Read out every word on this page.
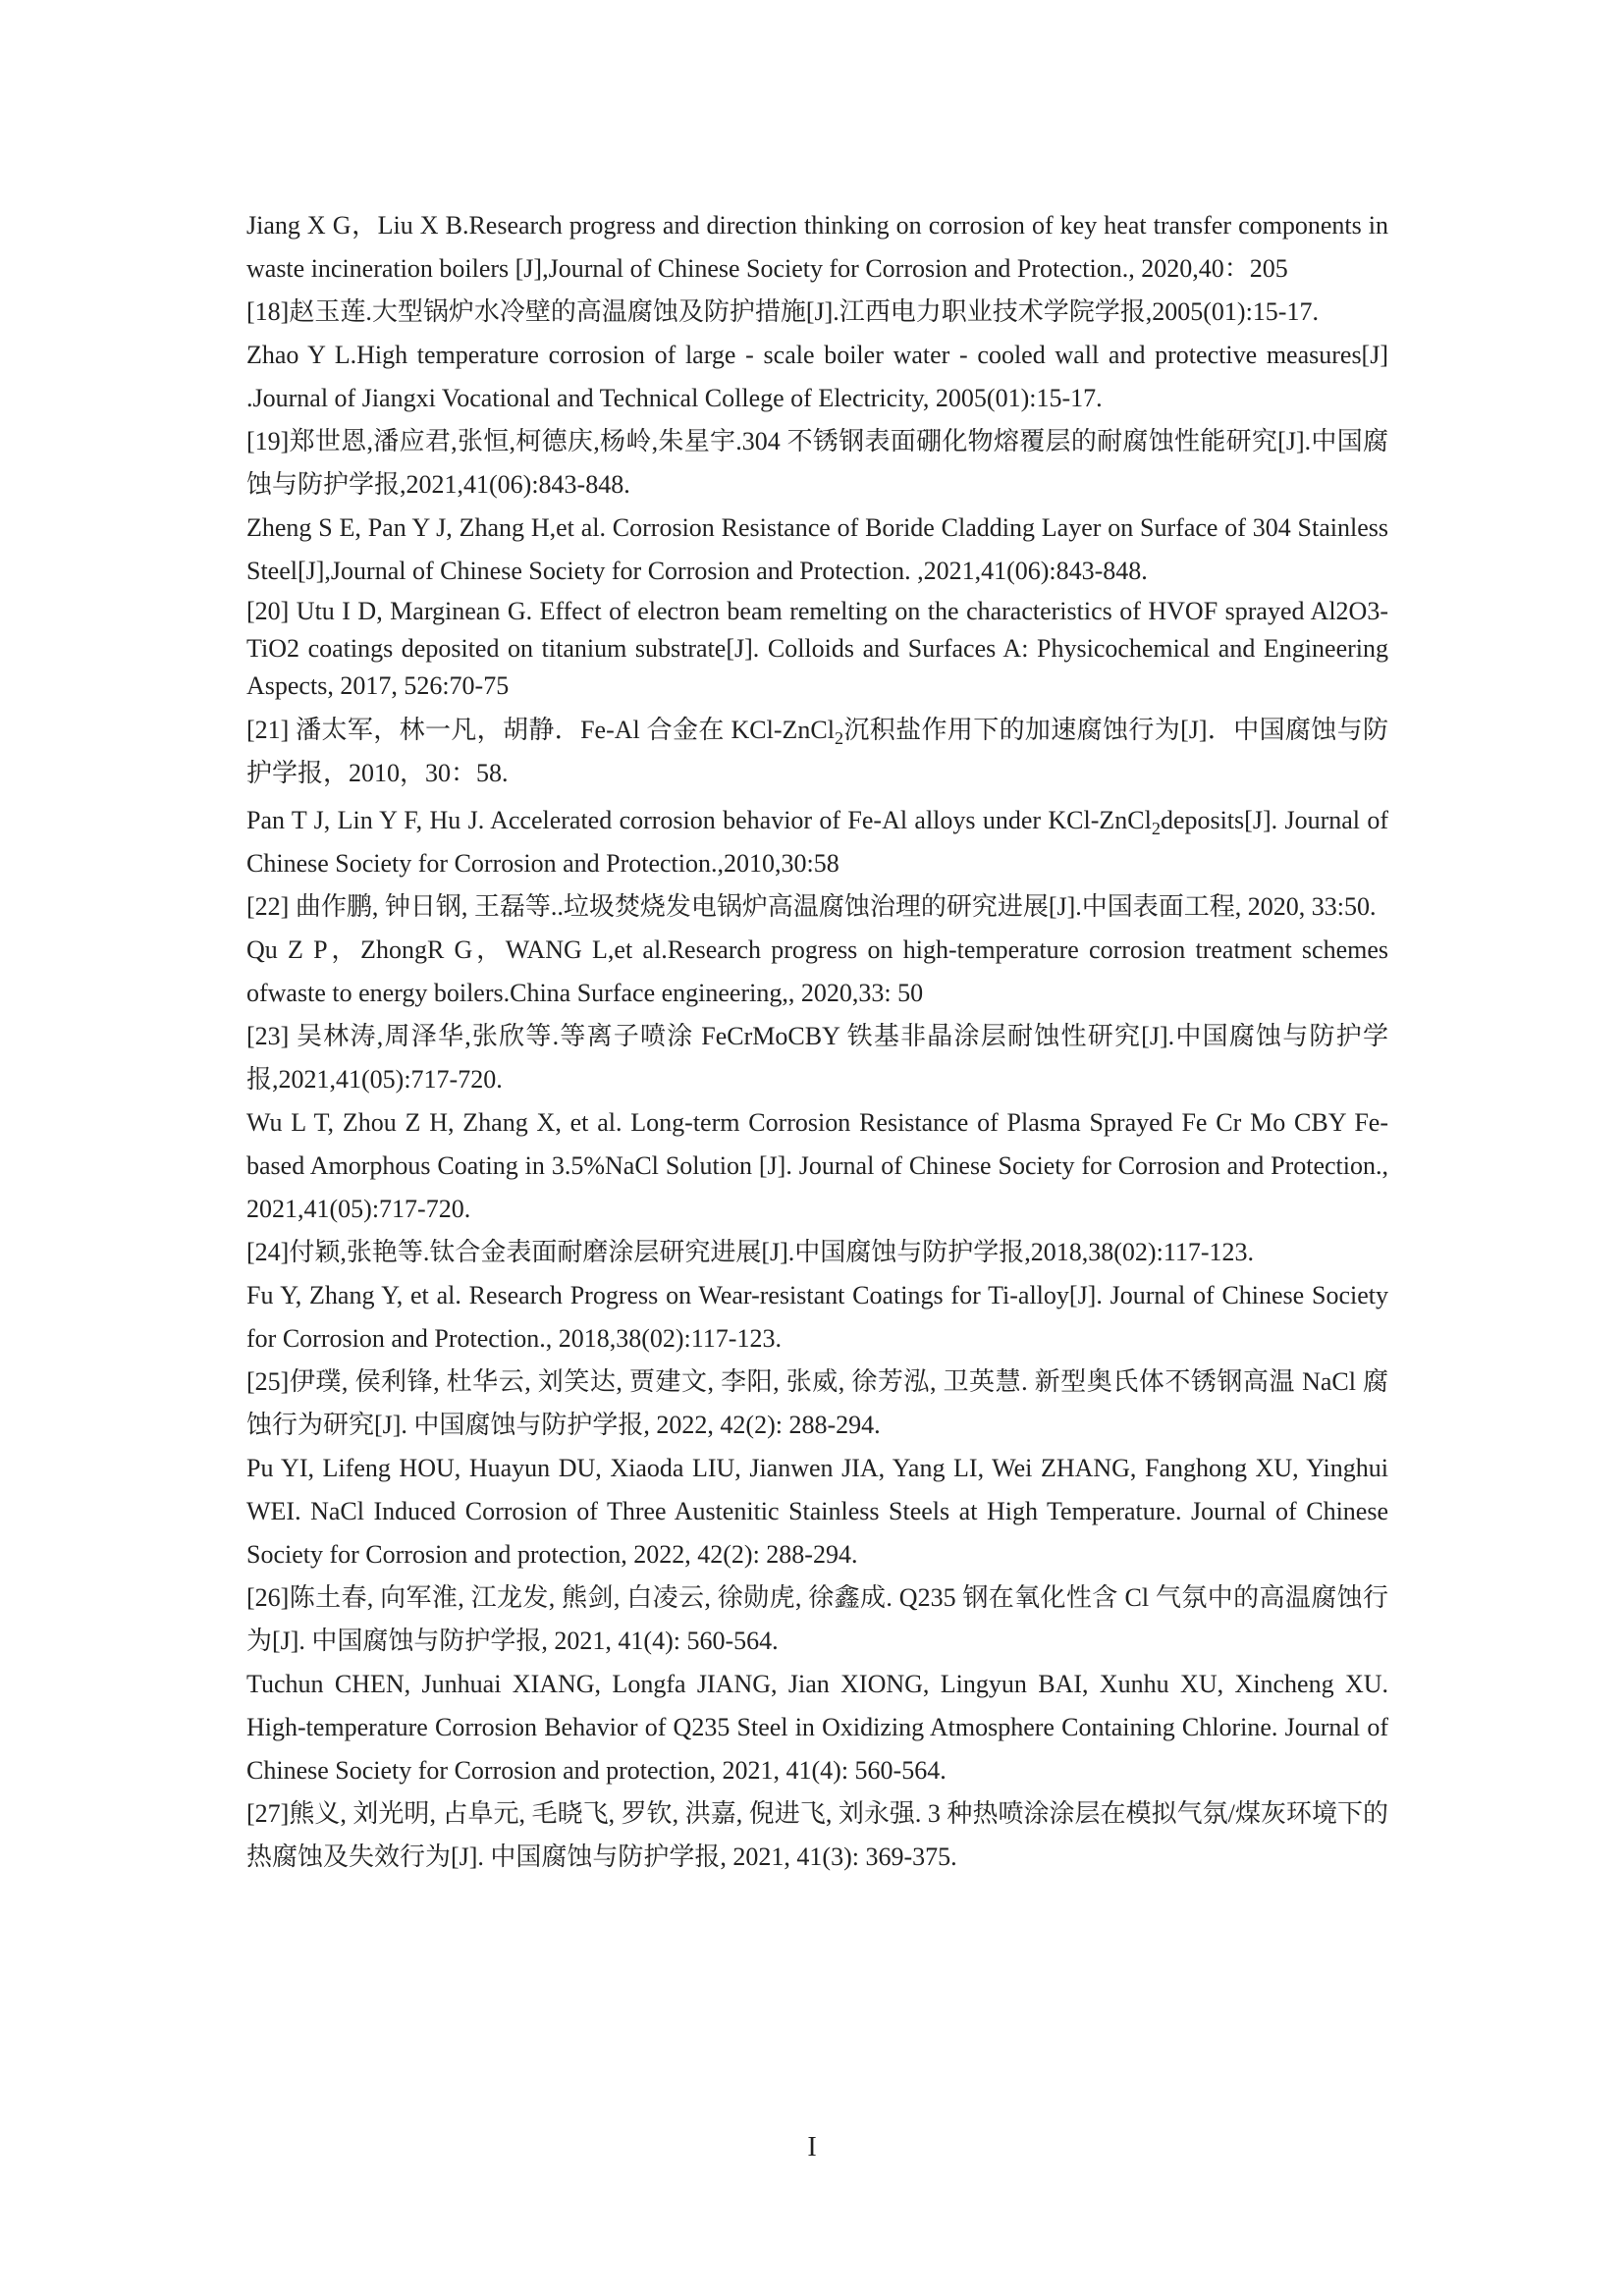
Jiang X G，Liu X B.Research progress and direction thinking on corrosion of key heat transfer components in waste incineration boilers [J],Journal of Chinese Society for Corrosion and Protection., 2020,40：205

[18]赵玉莲.大型锅炉水冷壁的高温腐蚀及防护措施[J].江西电力职业技术学院学报,2005(01):15-17.

Zhao Y L.High temperature corrosion of large - scale boiler water - cooled wall and protective measures[J] .Journal of Jiangxi Vocational and Technical College of Electricity, 2005(01):15-17.

[19]郑世恩,潘应君,张恒,柯德庆,杨岭,朱星宇.304 不锈钢表面硼化物熔覆层的耐腐蚀性能研究[J].中国腐蚀与防护学报,2021,41(06):843-848.

Zheng S E, Pan Y J, Zhang H,et al. Corrosion Resistance of Boride Cladding Layer on Surface of 304 Stainless Steel[J],Journal of Chinese Society for Corrosion and Protection. ,2021,41(06):843-848.

[20] Utu I D, Marginean G. Effect of electron beam remelting on the characteristics of HVOF sprayed Al2O3-TiO2 coatings deposited on titanium substrate[J]. Colloids and Surfaces A: Physicochemical and Engineering Aspects, 2017, 526:70-75

[21] 潘太军，林一凡，胡静．Fe-Al 合金在 KCl-ZnCl$_2$沉积盐作用下的加速腐蚀行为[J]．中国腐蚀与防护学报，2010，30：58.

Pan T J, Lin Y F, Hu J. Accelerated corrosion behavior of Fe-Al alloys under KCl-ZnCl$_2$deposits[J]. Journal of Chinese Society for Corrosion and Protection.,2010,30:58

[22] 曲作鹏, 钟日钢, 王磊等..垃圾焚烧发电锅炉高温腐蚀治理的研究进展[J].中国表面工程, 2020, 33:50.

Qu Z P，ZhongR G，WANG L,et al.Research progress on high-temperature corrosion treatment schemes ofwaste to energy boilers.China Surface engineering,, 2020,33: 50

[23] 吴林涛,周泽华,张欣等.等离子喷涂 FeCrMoCBY 铁基非晶涂层耐蚀性研究[J].中国腐蚀与防护学报,2021,41(05):717-720.

Wu L T, Zhou Z H, Zhang X, et al. Long-term Corrosion Resistance of Plasma Sprayed Fe Cr Mo CBY Fe-based Amorphous Coating in 3.5%NaCl Solution [J]. Journal of Chinese Society for Corrosion and Protection., 2021,41(05):717-720.

[24]付颖,张艳等.钛合金表面耐磨涂层研究进展[J].中国腐蚀与防护学报,2018,38(02):117-123.

Fu Y, Zhang Y, et al. Research Progress on Wear-resistant Coatings for Ti-alloy[J]. Journal of Chinese Society for Corrosion and Protection., 2018,38(02):117-123.

[25]伊璞, 侯利锋, 杜华云, 刘笑达, 贾建文, 李阳, 张威, 徐芳泓, 卫英慧. 新型奥氏体不锈钢高温 NaCl 腐蚀行为研究[J]. 中国腐蚀与防护学报, 2022, 42(2): 288-294.

Pu YI, Lifeng HOU, Huayun DU, Xiaoda LIU, Jianwen JIA, Yang LI, Wei ZHANG, Fanghong XU, Yinghui WEI. NaCl Induced Corrosion of Three Austenitic Stainless Steels at High Temperature. Journal of Chinese Society for Corrosion and protection, 2022, 42(2): 288-294.

[26]陈土春, 向军淮, 江龙发, 熊剑, 白凌云, 徐勋虎, 徐鑫成. Q235 钢在氧化性含 Cl 气氛中的高温腐蚀行为[J]. 中国腐蚀与防护学报, 2021, 41(4): 560-564.

Tuchun CHEN, Junhuai XIANG, Longfa JIANG, Jian XIONG, Lingyun BAI, Xunhu XU, Xincheng XU. High-temperature Corrosion Behavior of Q235 Steel in Oxidizing Atmosphere Containing Chlorine. Journal of Chinese Society for Corrosion and protection, 2021, 41(4): 560-564.

[27]熊义, 刘光明, 占阜元, 毛晓飞, 罗钦, 洪嘉, 倪进飞, 刘永强. 3 种热喷涂涂层在模拟气氛/煤灰环境下的热腐蚀及失效行为[J]. 中国腐蚀与防护学报, 2021, 41(3): 369-375.

I
